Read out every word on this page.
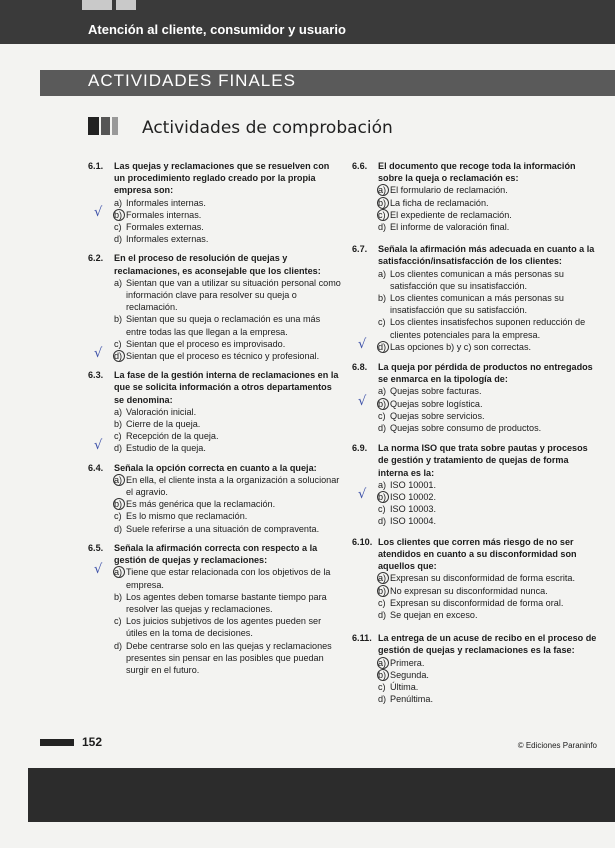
Atención al cliente, consumidor y usuario
ACTIVIDADES FINALES
Actividades de comprobación
6.1.	Las quejas y reclamaciones que se resuelven con un procedimiento reglado creado por la propia empresa son:
a) Informales internas.
b) Formales internas.
√
c) Formales externas.
d) Informales externas.
6.2.	En el proceso de resolución de quejas y reclamaciones, es aconsejable que los clientes:
a) Sientan que van a utilizar su situación personal como información clave para resolver su queja o reclamación.
b) Sientan que su queja o reclamación es una más entre todas las que llegan a la empresa.
c) Sientan que el proceso es improvisado.
d) Sientan que el proceso es técnico y profesional.
√
6.3.	La fase de la gestión interna de reclamaciones en la que se solicita información a otros departamentos se denomina:
a) Valoración inicial.
b) Cierre de la queja.
c) Recepción de la queja.
d) Estudio de la queja.
√
6.4.	Señala la opción correcta en cuanto a la queja:
a) En ella, el cliente insta a la organización a solucionar el agravio.
b) Es más genérica que la reclamación.
c) Es lo mismo que reclamación.
d) Suele referirse a una situación de compraventa.
6.5.	Señala la afirmación correcta con respecto a la gestión de quejas y reclamaciones:
a) Tiene que estar relacionada con los objetivos de la empresa.
√
b) Los agentes deben tomarse bastante tiempo para resolver las quejas y reclamaciones.
c) Los juicios subjetivos de los agentes pueden ser útiles en la toma de decisiones.
d) Debe centrarse solo en las quejas y reclamaciones presentes sin pensar en las posibles que puedan surgir en el futuro.
6.6.	El documento que recoge toda la información sobre la queja o reclamación es:
a) El formulario de reclamación.
b) La ficha de reclamación.
c) El expediente de reclamación.
d) El informe de valoración final.
6.7.	Señala la afirmación más adecuada en cuanto a la satisfacción/insatisfacción de los clientes:
a) Los clientes comunican a más personas su satisfacción que su insatisfacción.
b) Los clientes comunican a más personas su insatisfacción que su satisfacción.
c) Los clientes insatisfechos suponen reducción de clientes potenciales para la empresa.
d) Las opciones b) y c) son correctas.
√
6.8.	La queja por pérdida de productos no entregados se enmarca en la tipología de:
a) Quejas sobre facturas.
b) Quejas sobre logística.
√
c) Quejas sobre servicios.
d) Quejas sobre consumo de productos.
6.9.	La norma ISO que trata sobre pautas y procesos de gestión y tratamiento de quejas de forma interna es la:
a) ISO 10001.
b) ISO 10002.
√
c) ISO 10003.
d) ISO 10004.
6.10. Los clientes que corren más riesgo de no ser atendidos en cuanto a su disconformidad son aquellos que:
a) Expresan su disconformidad de forma escrita.
b) No expresan su disconformidad nunca.
c) Expresan su disconformidad de forma oral.
d) Se quejan en exceso.
6.11. La entrega de un acuse de recibo en el proceso de gestión de quejas y reclamaciones es la fase:
a) Primera.
b) Segunda.
c) Última.
d) Penúltima.
152	© Ediciones Paraninfo
